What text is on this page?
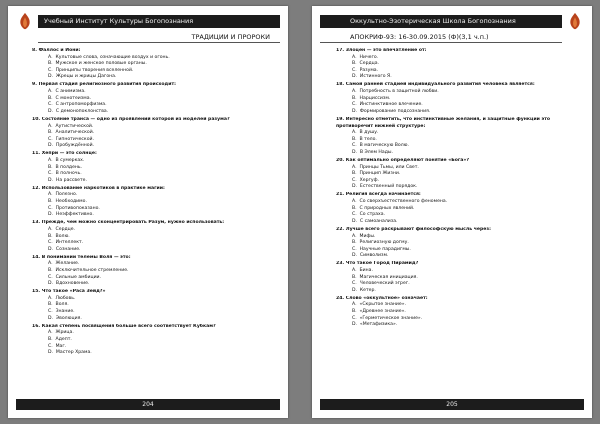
Учебный Институт Культуры Богопознания
ТРАДИЦИИ И ПРОРОКИ

8. Фаллос и Йони:

А. Культовые слова, означающие воздух и огонь.

В. Мужское и женское половые органы.

С. Принципы творения вселенной.

D. Жрецы и жрицы Дагона.

9. Первая стадия религиозного развития происходит:

А. С анимизма.

В. С монотеизма.

С. С антропоморфизма.

D. С демонопоклонства.

10. Состояние транса — одно из проявлений которой из моделей разума?

А. Аутистической.

В. Аналитической.

С. Гипнотической.

D. Пробуждённой.

11. Хепри — это солнце:

А. В сумерках.

В. В полдень.

С. В полночь.

D. На рассвете.

12. Использование наркотиков в практике магии:

А. Полезно.

В. Необходимо.

С. Противопоказано.

D. Неэффективно.

13. Прежде, чем можно сконцентрировать Разум, нужно использовать:

А. Сердце.

В. Волю.

С. Интеллект.

D. Сознание.

14. В понимании телемы Воля — это:

А. Желание.

В. Исключительное стремление.

С. Сильные амбиции.

D. Вдохновение.

15. Что такое «Раса Зейд?»

А. Любовь.

В. Воля.

С. Знание.

D. Эволюция.

16. Какая степень посвящения больше всего соответствует Кубкам?

А. Жрица.

В. Адепт.

С. Маг.

D. Мастер Храма.

204
Оккультно-Эзотерическая Школа Богопознания
АПОКРИФ-93: 16-30.09.2015 (Ф)(3,1 ч.п.)

17. Злоцен — это впечатление от:

А. Ничего.

В. Сердца.

С. Разума.

D. Истинного Я.

18. Самой ранней стадией индивидуального развития человека является:

А. Потребность в защитной любви.

В. Нарциссизм.

С. Инстинктивное влечение.

D. Формирование подсознания.

19. Интересно отметить, что инстинктивные желания, и защитные функции это противоречит нижней структуре:

А. В душу.

В. В тело.

С. В магическую Волю.

D. В Элем Нады.

20. Как оптимально определяют понятие «Бога»?

А. Принцы Тьмы, или Свет.

В. Принцип Жизни.

С. Хергуф.

D. Естественный порядок.

21. Религия всегда начинается:

А. Со сверхъестественного феномена.

В. С природных явлений.

С. Со страха.

D. С самоанализа.

22. Лучше всего раскрывают философскую мысль через:

А. Мифы.

В. Религиозную догму.

С. Научные парадигмы.

D. Символизм.

23. Что такое Город Пирамид?

А. Бина.

В. Магическая инициация.

С. Человеческий эгрег.

D. Кетер.

24. Слово «оккультное» означает:

А. «Скрытое знание».

В. «Древнее знание».

С. «Герметическое знание».

D. «Метафизика».

205
